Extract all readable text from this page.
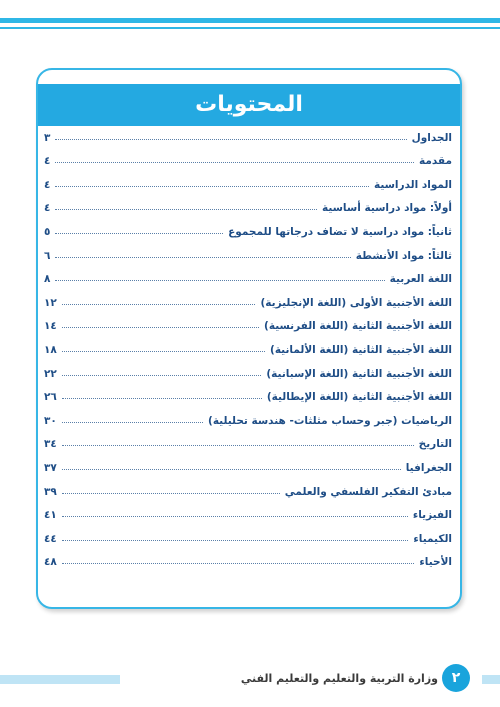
المحتويات
الجداول
٣
مقدمة
٤
المواد الدراسية
٤
أولاً: مواد دراسية أساسية
٤
ثانياً: مواد دراسية لا تضاف درجاتها للمجموع
٥
ثالثاً: مواد الأنشطة
٦
اللغة العربية
٨
اللغة الأجنبية الأولى (اللغة الإنجليزية)
١٢
اللغة الأجنبية الثانية (اللغة الفرنسية)
١٤
اللغة الأجنبية الثانية (اللغة الألمانية)
١٨
اللغة الأجنبية الثانية (اللغة الإسبانية)
٢٢
اللغة الأجنبية الثانية (اللغة الإيطالية)
٢٦
الرياضيات (جبر وحساب مثلثات- هندسة تحليلية)
٣٠
التاريخ
٣٤
الجغرافيا
٣٧
مبادئ التفكير الفلسفي والعلمي
٣٩
الفيزياء
٤١
الكيمياء
٤٤
الأحياء
٤٨
وزارة التربية والتعليم والتعليم الفني ٢
